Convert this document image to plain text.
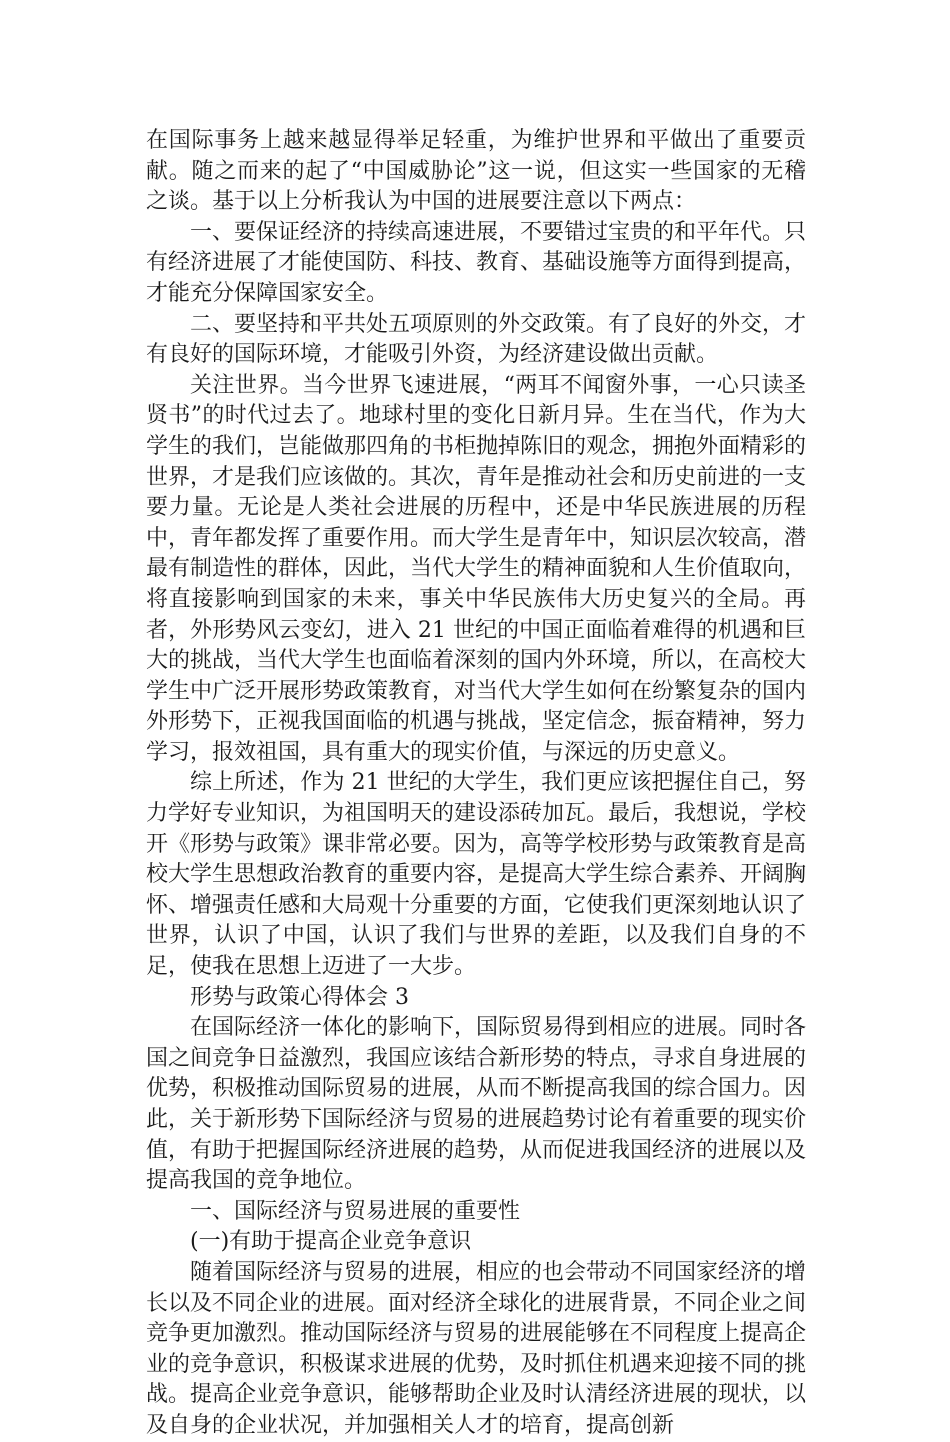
在国际事务上越来越显得举足轻重，为维护世界和平做出了重要贡献。随之而来的起了“中国威胁论”这一说，但这实一些国家的无稽之谈。基于以上分析我认为中国的进展要注意以下两点：

一、要保证经济的持续高速进展，不要错过宝贵的和平年代。只有经济进展了才能使国防、科技、教育、基础设施等方面得到提高，才能充分保障国家安全。

二、要坚持和平共处五项原则的外交政策。有了良好的外交，才有良好的国际环境，才能吸引外资，为经济建设做出贡献。

关注世界。当今世界飞速进展，“两耳不闻窗外事，一心只读圣贤书”的时代过去了。地球村里的变化日新月异。生在当代，作为大学生的我们，岂能做那四角的书柜抛掉陈旧的观念，拥抱外面精彩的世界，才是我们应该做的。其次，青年是推动社会和历史前进的一支要力量。无论是人类社会进展的历程中，还是中华民族进展的历程中，青年都发挥了重要作用。而大学生是青年中，知识层次较高，潜最有制造性的群体，因此，当代大学生的精神面貌和人生价值取向，将直接影响到国家的未来，事关中华民族伟大历史复兴的全局。再者，外形势风云变幻，进入 21 世纪的中国正面临着难得的机遇和巨大的挑战，当代大学生也面临着深刻的国内外环境，所以，在高校大学生中广泛开展形势政策教育，对当代大学生如何在纷繁复杂的国内外形势下，正视我国面临的机遇与挑战，坚定信念，振奋精神，努力学习，报效祖国，具有重大的现实价值，与深远的历史意义。

综上所述，作为 21 世纪的大学生，我们更应该把握住自己，努力学好专业知识，为祖国明天的建设添砖加瓦。最后，我想说，学校开《形势与政策》课非常必要。因为，高等学校形势与政策教育是高校大学生思想政治教育的重要内容，是提高大学生综合素养、开阔胸怀、增强责任感和大局观十分重要的方面，它使我们更深刻地认识了世界，认识了中国，认识了我们与世界的差距，以及我们自身的不足，使我在思想上迈进了一大步。

形势与政策心得体会 3

在国际经济一体化的影响下，国际贸易得到相应的进展。同时各国之间竞争日益激烈，我国应该结合新形势的特点，寻求自身进展的优势，积极推动国际贸易的进展，从而不断提高我国的综合国力。因此，关于新形势下国际经济与贸易的进展趋势讨论有着重要的现实价值，有助于把握国际经济进展的趋势，从而促进我国经济的进展以及提高我国的竞争地位。

一、国际经济与贸易进展的重要性

(一)有助于提高企业竞争意识

随着国际经济与贸易的进展，相应的也会带动不同国家经济的增长以及不同企业的进展。面对经济全球化的进展背景，不同企业之间竞争更加激烈。推动国际经济与贸易的进展能够在不同程度上提高企业的竞争意识，积极谋求进展的优势，及时抓住机遇来迎接不同的挑战。提高企业竞争意识，能够帮助企业及时认清经济进展的现状，以及自身的企业状况，并加强相关人才的培育，提高创新
